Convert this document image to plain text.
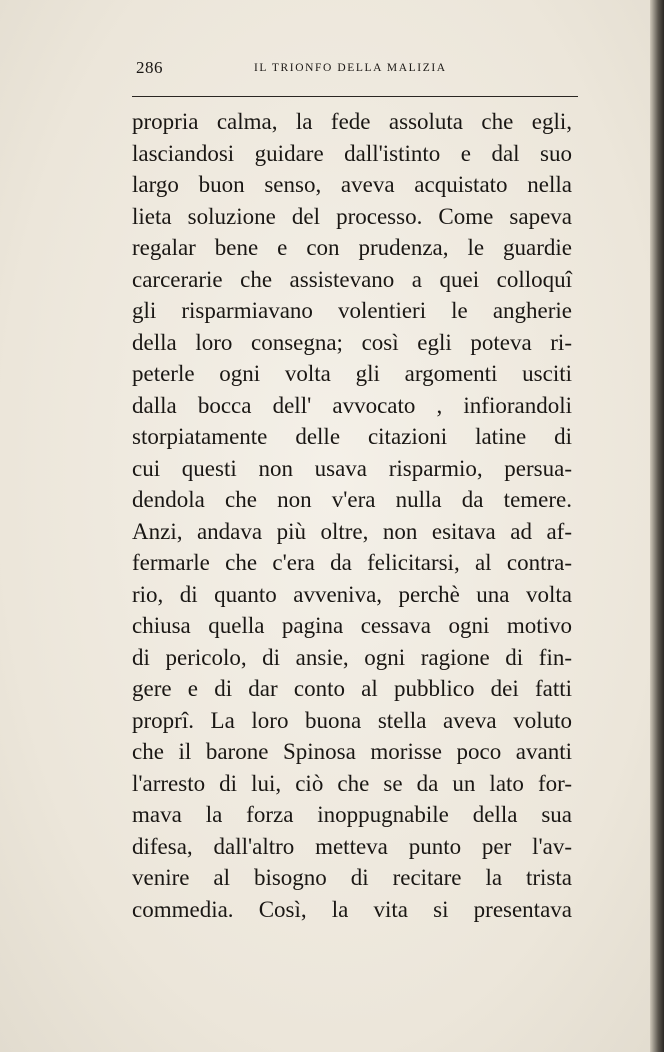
286	IL TRIONFO DELLA MALIZIA
propria calma, la fede assoluta che egli,
lasciandosi guidare dall'istinto e dal suo
largo buon senso, aveva acquistato nella
lieta soluzione del processo. Come sapeva
regalar bene e con prudenza, le guardie
carcerarie che assistevano a quei colloquî
gli risparmiavano volentieri le angherie
della loro consegna; così egli poteva ri-
peterle ogni volta gli argomenti usciti
dalla bocca dell' avvocato , infiorandoli
storpiatamente delle citazioni latine di
cui questi non usava risparmio, persua-
dendola che non v'era nulla da temere.
Anzi, andava più oltre, non esitava ad af-
fermarle che c'era da felicitarsi, al contra-
rio, di quanto avveniva, perchè una volta
chiusa quella pagina cessava ogni motivo
di pericolo, di ansie, ogni ragione di fin-
gere e di dar conto al pubblico dei fatti
proprî. La loro buona stella aveva voluto
che il barone Spinosa morisse poco avanti
l'arresto di lui, ciò che se da un lato for-
mava la forza inoppugnabile della sua
difesa, dall'altro metteva punto per l'av-
venire al bisogno di recitare la trista
commedia. Così, la vita si presentava
